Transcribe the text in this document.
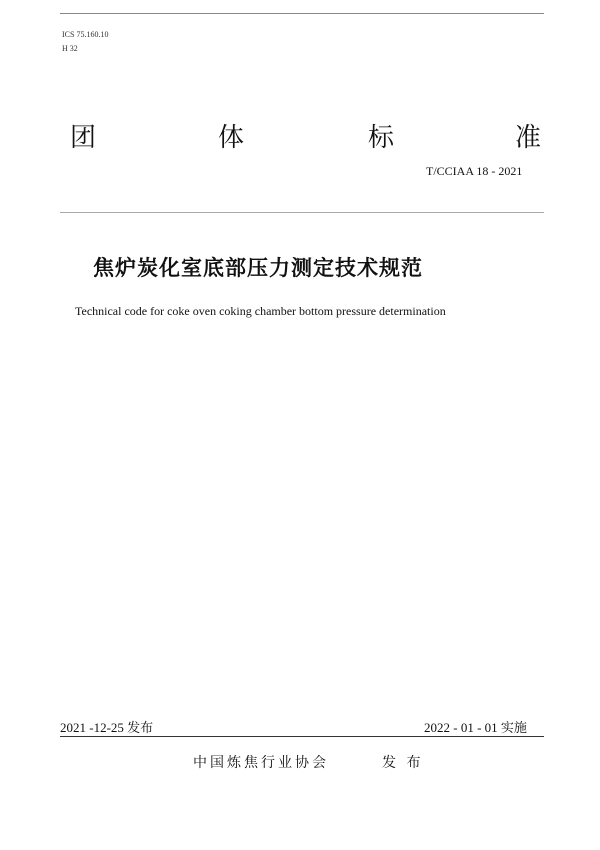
ICS 75.160.10
H 32
团	体	标	准
T/CCIAA 18 - 2021
焦炉炭化室底部压力测定技术规范
Technical code for coke oven coking chamber bottom pressure determination
2021 -12-25 发布	2022 - 01 - 01 实施
中国炼焦行业协会	发 布
